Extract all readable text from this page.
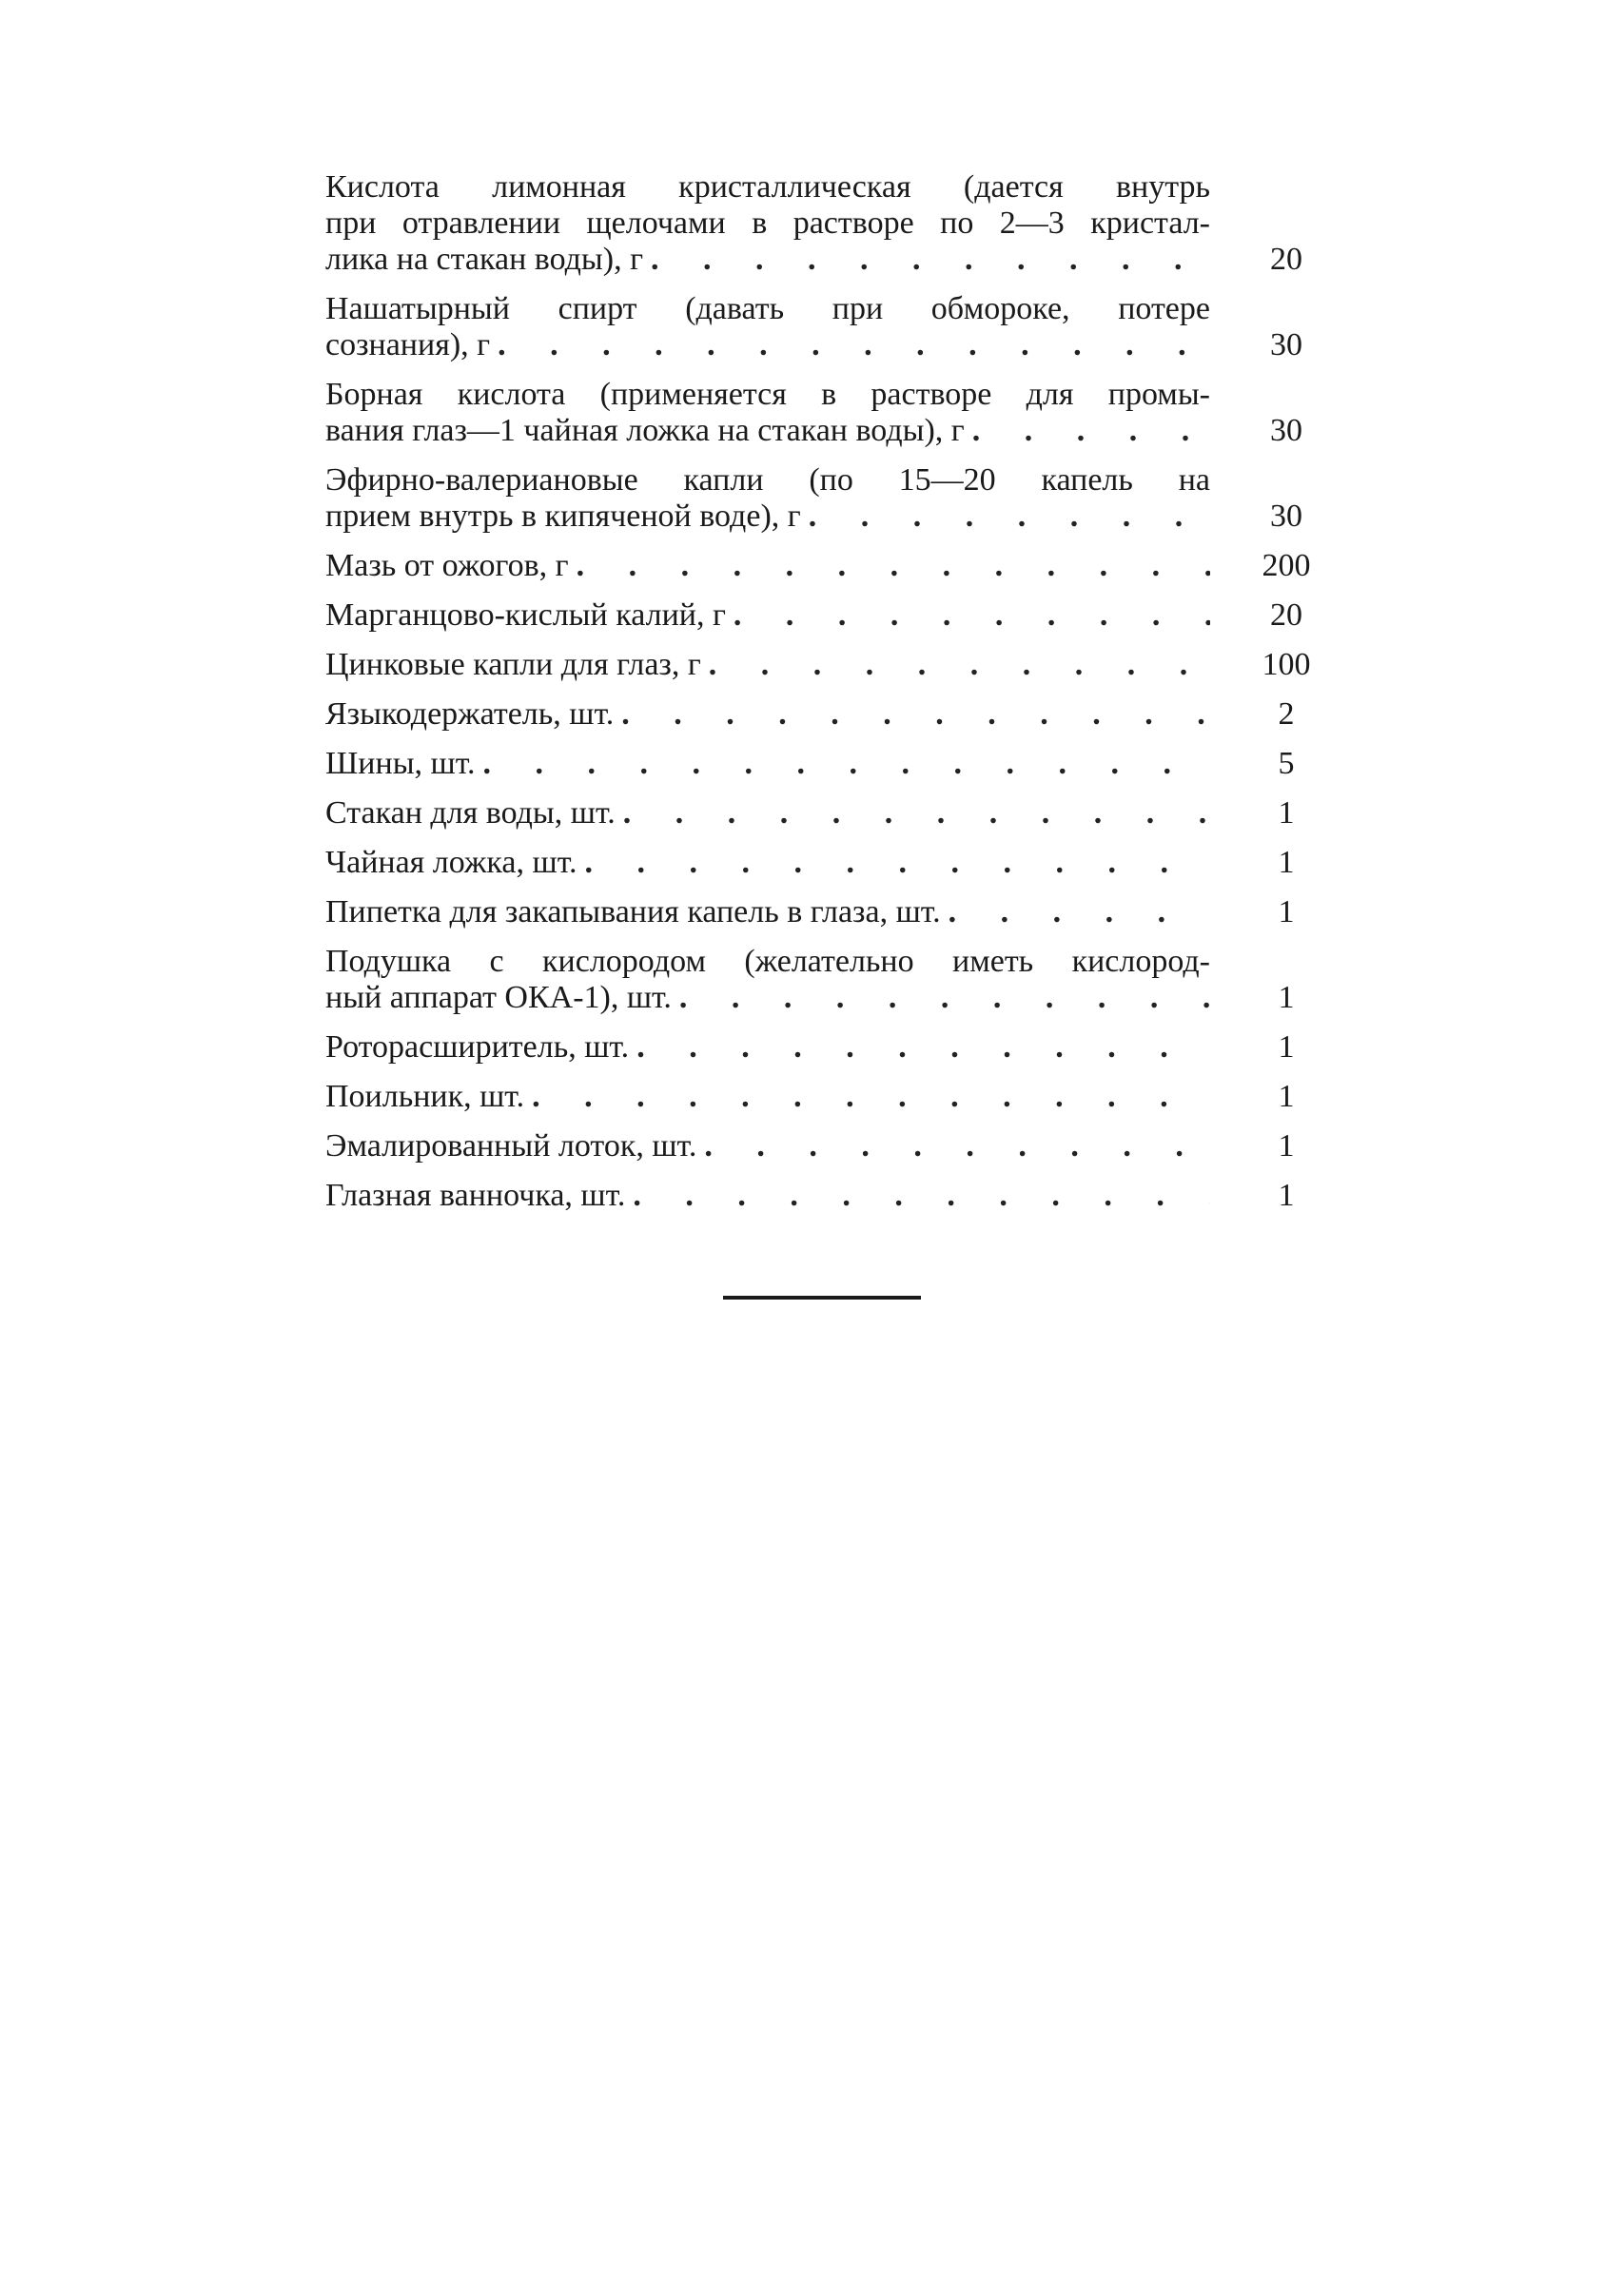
Кислота лимонная кристаллическая (дается внутрь
при отравлении щелочами в растворе по 2—3 кристал-
лика на стакан воды), г . . .	20
Нашатырный спирт (давать при обмороке, потере
сознания), г . . .	30
Борная кислота (применяется в растворе для промы-
вания глаз—1 чайная ложка на стакан воды), г . . .	30
Эфирно-валериановые капли (по 15—20 капель на
прием внутрь в кипяченой воде), г . . .	30
Мазь от ожогов, г . . .	200
Марганцово-кислый калий, г . . .	20
Цинковые капли для глаз, г . . .	100
Языкодержатель, шт. . . .	2
Шины, шт. . . .	5
Стакан для воды, шт. . . .	1
Чайная ложка, шт. . . .	1
Пипетка для закапывания капель в глаза, шт. . . .	1
Подушка с кислородом (желательно иметь кислород-
ный аппарат ОКА-1), шт. . . .	1
Роторасширитель, шт. . . .	1
Поильник, шт. . . .	1
Эмалированный лоток, шт. . . .	1
Глазная ванночка, шт. . . .	1
